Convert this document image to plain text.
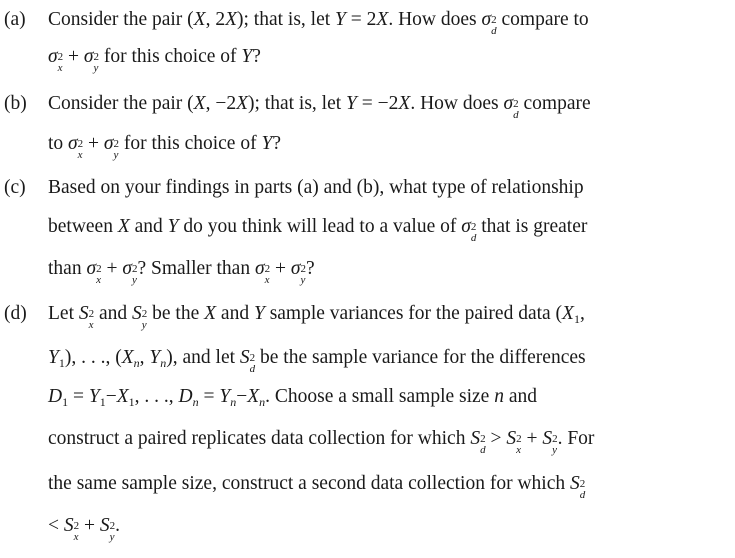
(a) Consider the pair (X, 2X); that is, let Y = 2X. How does σ 2
d
compare to
σ 2
x
+ σ 2
y
for this choice of Y?
(b) Consider the pair (X, −2X); that is, let Y = −2X. How does σ 2
d
compare
to σ 2
x
+ σ 2
y
for this choice of Y?
(c) Based on your findings in parts (a) and (b), what type of relationship
between X and Y do you think will lead to a value of σ 2
d
that is greater
than σ 2
x
+ σ 2
y
? Smaller than σ 2
x
+ σ 2
y
?
(d) Let S 2
x
and S 2
y
be the X and Y sample variances for the paired data ($X_1$,
$Y_1$), . . ., ($X_n$, $Y_n$), and let S 2
d
be the sample variance for the differences
$D_1 = Y_1-X_1$, . . ., $D_n = Y_n-X_n$. Choose a small sample size n and
construct a paired replicates data collection for which S 2
d
> S 2
x
+ S 2
y
. For
the same sample size, construct a second data collection for which S 2
d
< S 2
x
+ S 2
y
.
